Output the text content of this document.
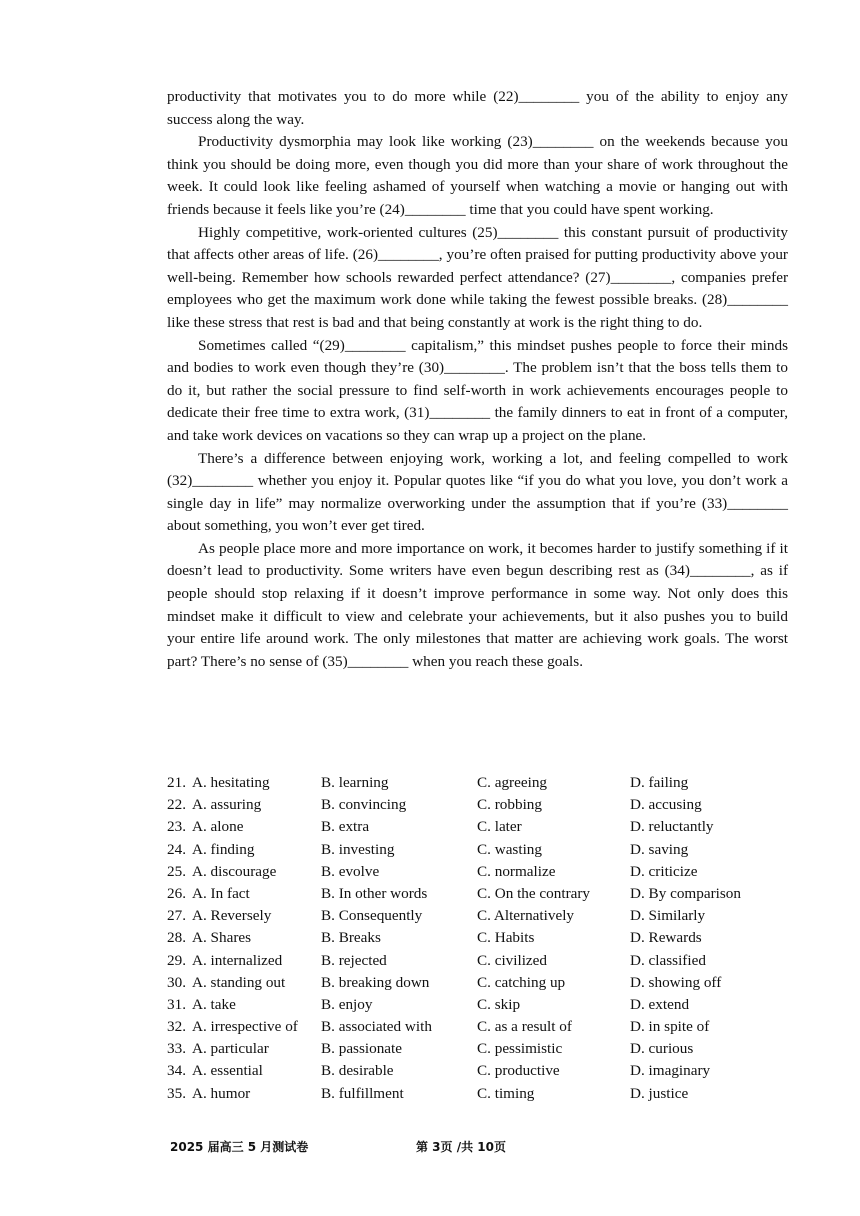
productivity that motivates you to do more while (22)________ you of the ability to enjoy any success along the way.

Productivity dysmorphia may look like working (23)________ on the weekends because you think you should be doing more, even though you did more than your share of work throughout the week. It could look like feeling ashamed of yourself when watching a movie or hanging out with friends because it feels like you’re (24)________ time that you could have spent working.

Highly competitive, work-oriented cultures (25)________ this constant pursuit of productivity that affects other areas of life. (26)________, you’re often praised for putting productivity above your well-being. Remember how schools rewarded perfect attendance? (27)________, companies prefer employees who get the maximum work done while taking the fewest possible breaks. (28)________ like these stress that rest is bad and that being constantly at work is the right thing to do.

Sometimes called “(29)________ capitalism,” this mindset pushes people to force their minds and bodies to work even though they’re (30)________. The problem isn’t that the boss tells them to do it, but rather the social pressure to find self-worth in work achievements encourages people to dedicate their free time to extra work, (31)________ the family dinners to eat in front of a computer, and take work devices on vacations so they can wrap up a project on the plane.

There’s a difference between enjoying work, working a lot, and feeling compelled to work (32)________ whether you enjoy it. Popular quotes like “if you do what you love, you don’t work a single day in life” may normalize overworking under the assumption that if you’re (33)________ about something, you won’t ever get tired.

As people place more and more importance on work, it becomes harder to justify something if it doesn’t lead to productivity. Some writers have even begun describing rest as (34)________, as if people should stop relaxing if it doesn’t improve performance in some way. Not only does this mindset make it difficult to view and celebrate your achievements, but it also pushes you to build your entire life around work. The only milestones that matter are achieving work goals. The worst part? There’s no sense of (35)________ when you reach these goals.

21. A. hesitating	B. learning	C. agreeing	D. failing
22. A. assuring	B. convincing	C. robbing	D. accusing
23. A. alone	B. extra	C. later	D. reluctantly
24. A. finding	B. investing	C. wasting	D. saving
25. A. discourage	B. evolve	C. normalize	D. criticize
26. A. In fact	B. In other words	C. On the contrary	D. By comparison
27. A. Reversely	B. Consequently	C. Alternatively	D. Similarly
28. A. Shares	B. Breaks	C. Habits	D. Rewards
29. A. internalized	B. rejected	C. civilized	D. classified
30. A. standing out	B. breaking down	C. catching up	D. showing off
31. A. take	B. enjoy	C. skip	D. extend
32. A. irrespective of	B. associated with	C. as a result of	D. in spite of
33. A. particular	B. passionate	C. pessimistic	D. curious
34. A. essential	B. desirable	C. productive	D. imaginary
35. A. humor	B. fulfillment	C. timing	D. justice
2025 届高三 5 月测试卷	第 3页 /共 10页
